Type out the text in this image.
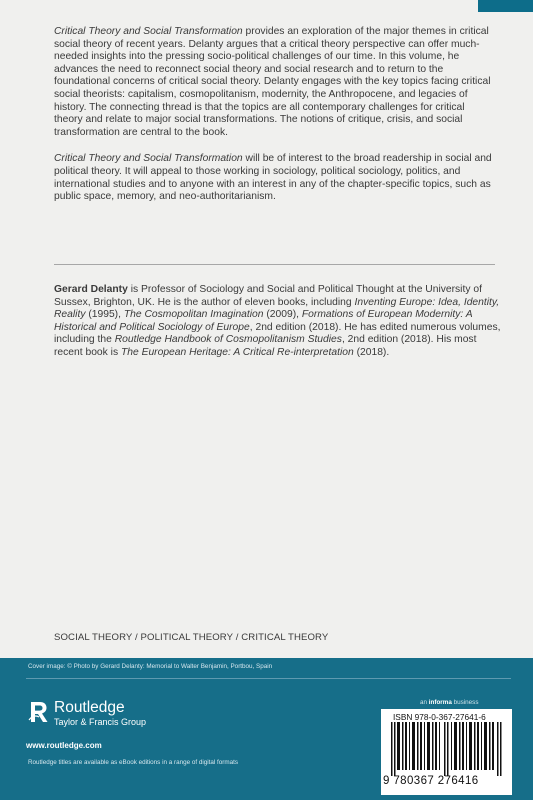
Critical Theory and Social Transformation provides an exploration of the major themes in critical social theory of recent years. Delanty argues that a critical theory perspective can offer much-needed insights into the pressing socio-political challenges of our time. In this volume, he advances the need to reconnect social theory and social research and to return to the foundational concerns of critical social theory. Delanty engages with the key topics facing critical social theorists: capitalism, cosmopolitanism, modernity, the Anthropocene, and legacies of history. The connecting thread is that the topics are all contemporary challenges for critical theory and relate to major social transformations. The notions of critique, crisis, and social transformation are central to the book.

Critical Theory and Social Transformation will be of interest to the broad readership in social and political theory. It will appeal to those working in sociology, political sociology, politics, and international studies and to anyone with an interest in any of the chapter-specific topics, such as public space, memory, and neo-authoritarianism.

Gerard Delanty is Professor of Sociology and Social and Political Thought at the University of Sussex, Brighton, UK. He is the author of eleven books, including Inventing Europe: Idea, Identity, Reality (1995), The Cosmopolitan Imagination (2009), Formations of European Modernity: A Historical and Political Sociology of Europe, 2nd edition (2018). He has edited numerous volumes, including the Routledge Handbook of Cosmopolitanism Studies, 2nd edition (2018). His most recent book is The European Heritage: A Critical Re-interpretation (2018).

SOCIAL THEORY / POLITICAL THEORY / CRITICAL THEORY
Cover image: © Photo by Gerard Delanty: Memorial to Walter Benjamin, Portbou, Spain
Routledge
Taylor & Francis Group
www.routledge.com
an informa business
ISBN 978-0-367-27641-6
9 780367 276416
Routledge titles are available as eBook editions in a range of digital formats
